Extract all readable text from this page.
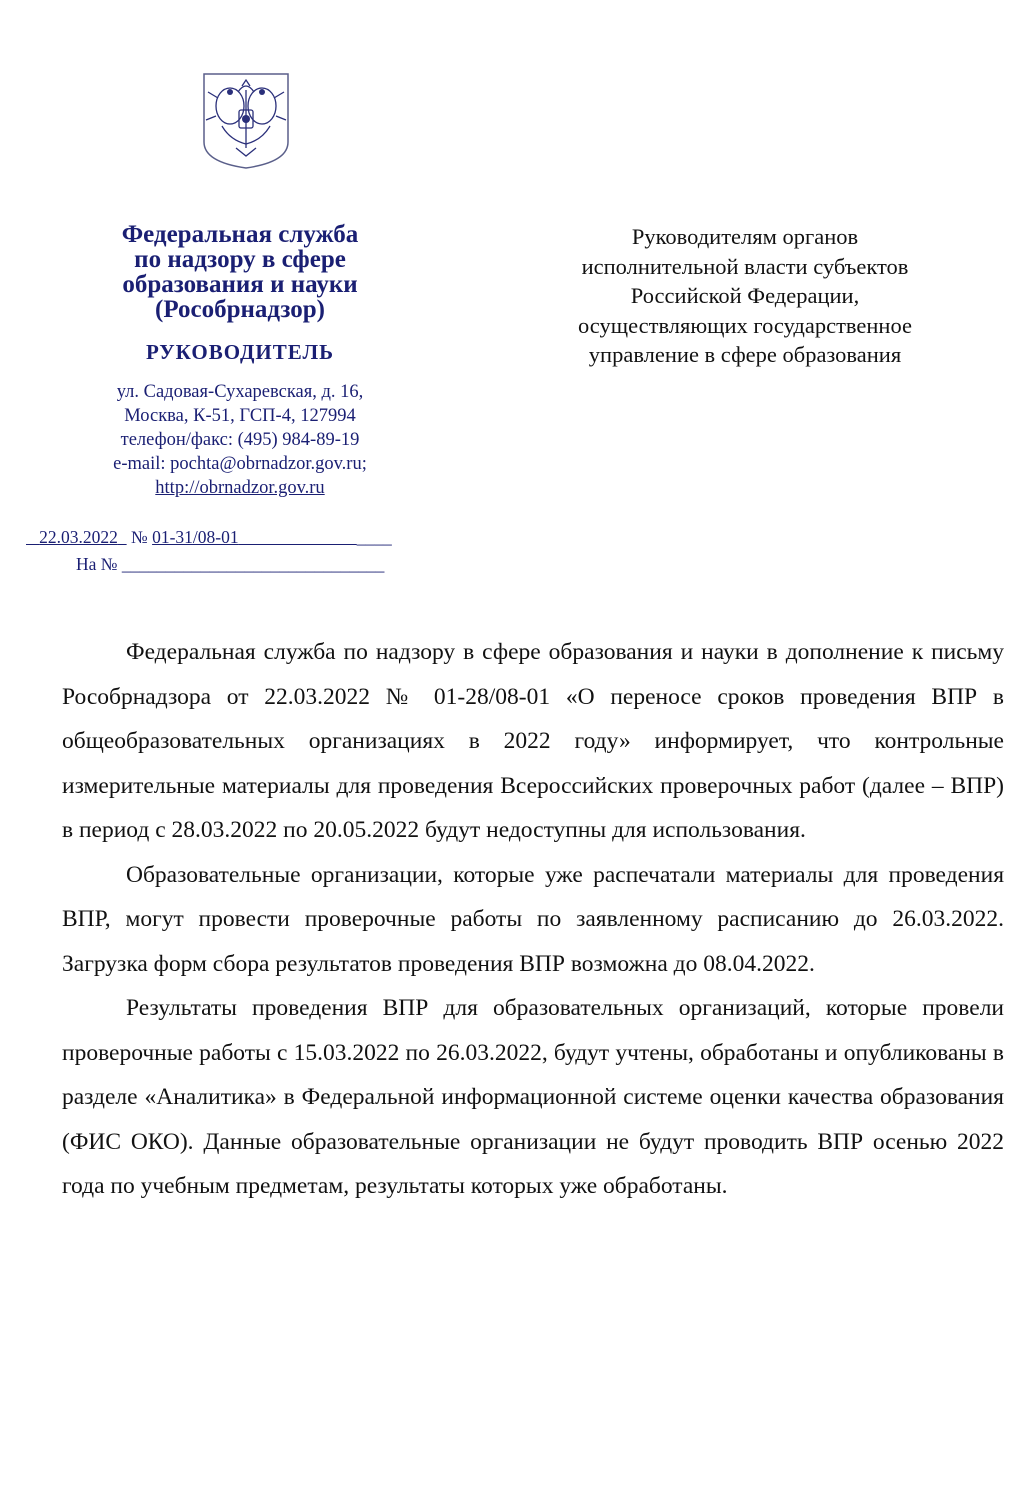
Федеральная служба
по надзору в сфере
образования и науки
(Рособрнадзор)
РУКОВОДИТЕЛЬ
ул. Садовая-Сухаревская, д. 16,
Москва, К-51, ГСП-4, 127994
телефон/факс: (495) 984-89-19
e-mail: pochta@obrnadzor.gov.ru;
http://obrnadzor.gov.ru
22.03.2022 № 01-31/08-01	____
На № ______________________________
Руководителям органов
исполнительной власти субъектов
Российской Федерации,
осуществляющих государственное
управление в сфере образования

Федеральная служба по надзору в сфере образования и науки в дополнение к письму Рособрнадзора от 22.03.2022 № 01-28/08-01 «О переносе сроков проведения ВПР в общеобразовательных организациях в 2022 году» информирует, что контрольные измерительные материалы для проведения Всероссийских проверочных работ (далее – ВПР) в период с 28.03.2022 по 20.05.2022 будут недоступны для использования.

Образовательные организации, которые уже распечатали материалы для проведения ВПР, могут провести проверочные работы по заявленному расписанию до 26.03.2022. Загрузка форм сбора результатов проведения ВПР возможна до 08.04.2022.

Результаты проведения ВПР для образовательных организаций, которые провели проверочные работы с 15.03.2022 по 26.03.2022, будут учтены, обработаны и опубликованы в разделе «Аналитика» в Федеральной информационной системе оценки качества образования (ФИС ОКО). Данные образовательные организации не будут проводить ВПР осенью 2022 года по учебным предметам, результаты которых уже обработаны.
